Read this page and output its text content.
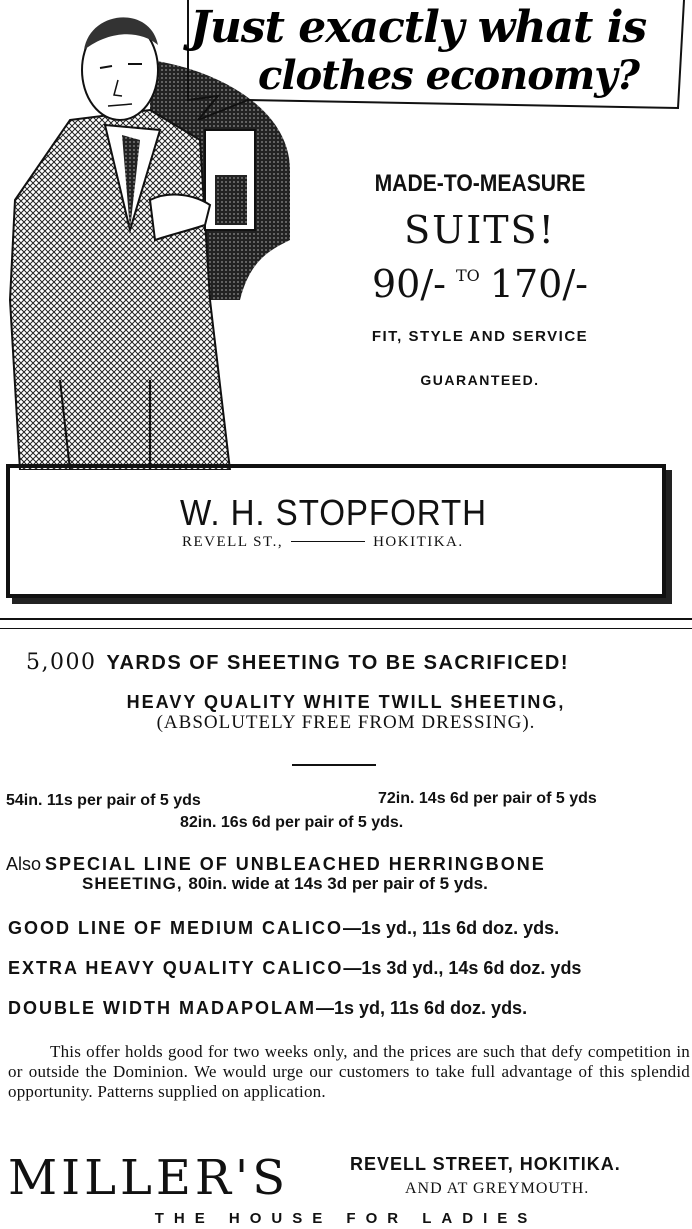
Just exactly what is
clothes economy?
MADE-TO-MEASURE
SUITS!
90/- $^{TO}$ 170/-
FIT, STYLE AND SERVICE
GUARANTEED.
W. H. STOPFORTH
REVELL ST.,	HOKITIKA.
5,000 YARDS OF SHEETING TO BE SACRIFICED!
HEAVY QUALITY WHITE TWILL SHEETING,
(ABSOLUTELY FREE FROM DRESSING).
54in. 11s per pair of 5 yds	72in. 14s 6d per pair of 5 yds
82in. 16s 6d per pair of 5 yds.
Also SPECIAL LINE OF UNBLEACHED HERRINGBONE
SHEETING, 80in. wide at 14s 3d per pair of 5 yds.
GOOD LINE OF MEDIUM CALICO—1s yd., 11s 6d doz. yds.
EXTRA HEAVY QUALITY CALICO—1s 3d yd., 14s 6d doz. yds
DOUBLE WIDTH MADAPOLAM—1s yd, 11s 6d doz. yds.
This offer holds good for two weeks only, and the prices are such that defy competition in or outside the Dominion. We would urge our customers to take full advantage of this splendid opportunity. Patterns supplied on application.
MILLER'S	REVELL STREET, HOKITIKA.
AND AT GREYMOUTH.
THE HOUSE FOR LADIES
